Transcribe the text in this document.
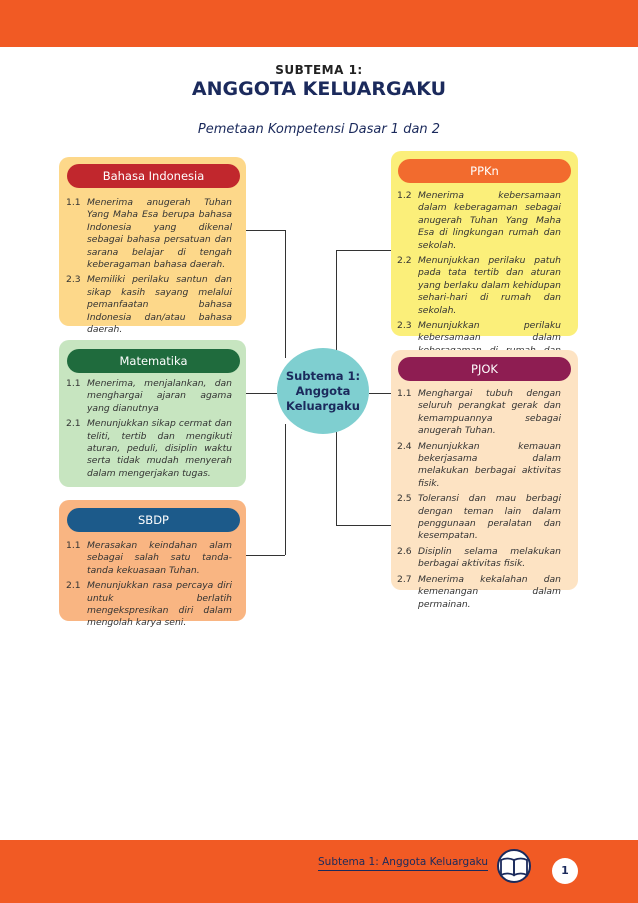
SUBTEMA 1:
ANGGOTA KELUARGAKU
Pemetaan Kompetensi Dasar 1 dan 2
Bahasa Indonesia
1.1 Menerima anugerah Tuhan Yang Maha Esa berupa bahasa Indonesia yang dikenal sebagai bahasa persatuan dan sarana belajar di tengah keberagaman bahasa daerah.
2.3 Memiliki perilaku santun dan sikap kasih sayang melalui pemanfaatan bahasa Indonesia dan/atau bahasa daerah.
Matematika
1.1 Menerima, menjalankan, dan menghargai ajaran agama yang dianutnya
2.1 Menunjukkan sikap cermat dan teliti, tertib dan mengikuti aturan, peduli, disiplin waktu serta tidak mudah menyerah dalam mengerjakan tugas.
SBDP
1.1 Merasakan keindahan alam sebagai salah satu tanda-tanda kekuasaan Tuhan.
2.1 Menunjukkan rasa percaya diri untuk berlatih mengekspresikan diri dalam mengolah karya seni.
PPKn
1.2 Menerima kebersamaan dalam keberagaman sebagai anugerah Tuhan Yang Maha Esa di lingkungan rumah dan sekolah.
2.2 Menunjukkan perilaku patuh pada tata tertib dan aturan yang berlaku dalam kehidupan sehari-hari di rumah dan sekolah.
2.3 Menunjukkan perilaku kebersamaan dalam
PJOK
1.1 Menghargai tubuh dengan seluruh perangkat gerak dan kemampuannya sebagai anugerah Tuhan.
2.4 Menunjukkan kemauan bekerjasama dalam melakukan berbagai aktivitas fisik.
2.5 Toleransi dan mau berbagi dengan teman lain dalam penggunaan peralatan dan kesempatan.
2.6 Disiplin selama melakukan berbagai aktivitas fisik.
2.7 Menerima kekalahan dan kemenangan dalam permainan.
Subtema 1:
Anggota
Keluargaku
Subtema 1: Anggota Keluargaku
1
